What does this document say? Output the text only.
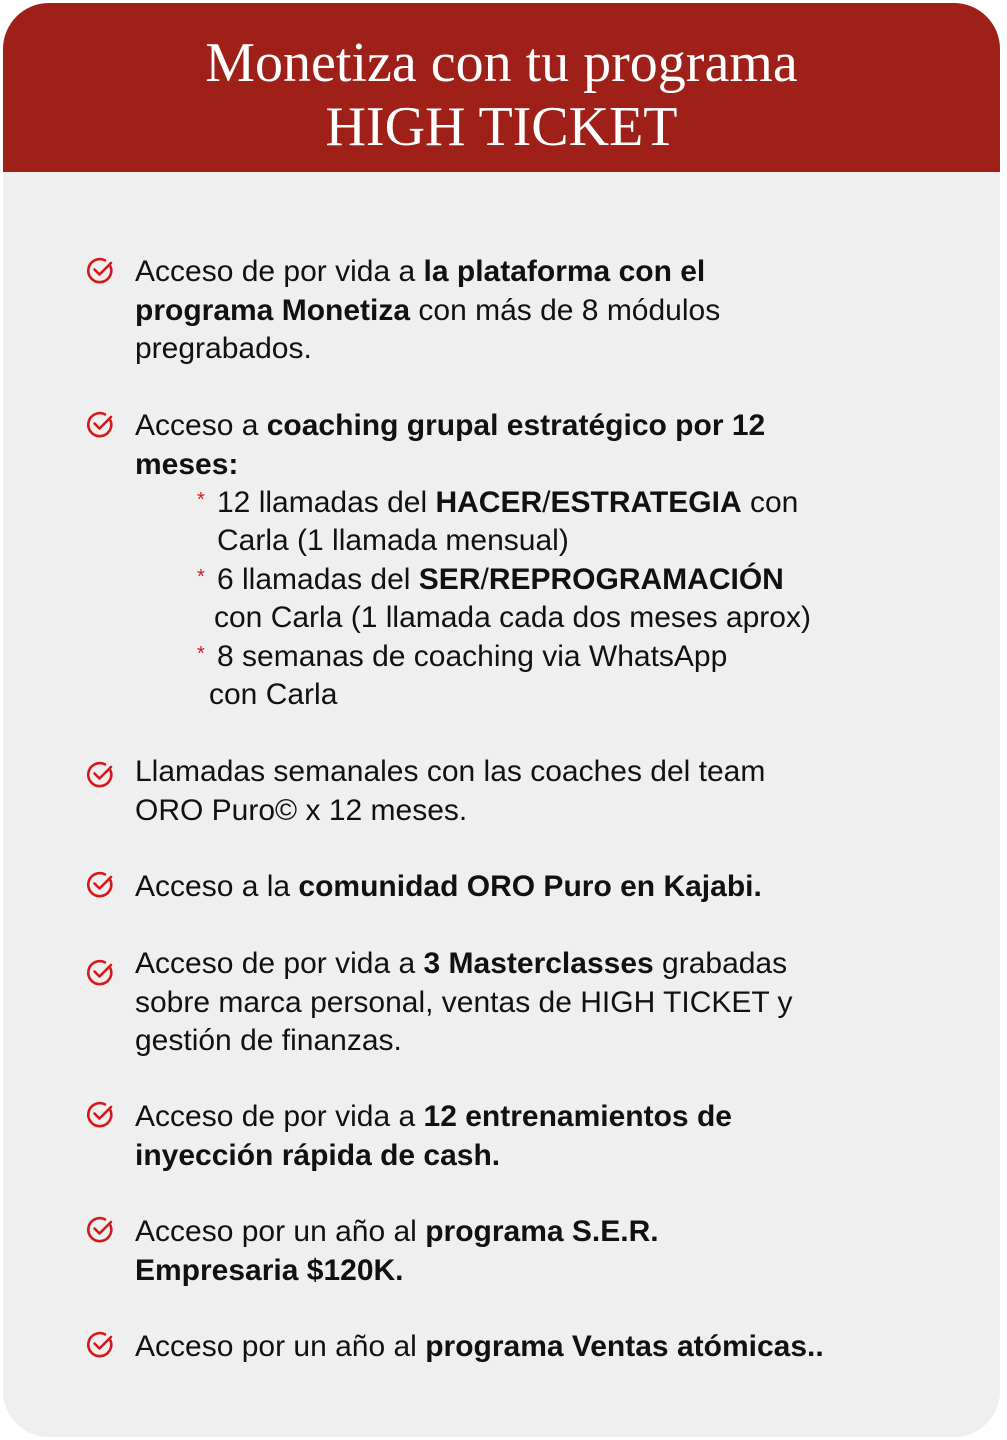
Monetiza con tu programa
HIGH TICKET
Acceso de por vida a la plataforma con el
programa Monetiza con más de 8 módulos
pregrabados.
Acceso a coaching grupal estratégico por 12
meses:
* 12 llamadas del HACER/ESTRATEGIA con
Carla (1 llamada mensual)
* 6 llamadas del SER/REPROGRAMACIÓN
con Carla (1 llamada cada dos meses aprox)
* 8 semanas de coaching via WhatsApp
con Carla
Llamadas semanales con las coaches del team
ORO Puro© x 12 meses.
Acceso a la comunidad ORO Puro en Kajabi.
Acceso de por vida a 3 Masterclasses grabadas
sobre marca personal, ventas de HIGH TICKET y
gestión de finanzas.
Acceso de por vida a 12 entrenamientos de
inyección rápida de cash.
Acceso por un año al programa S.E.R.
Empresaria $120K.
Acceso por un año al programa Ventas atómicas..
